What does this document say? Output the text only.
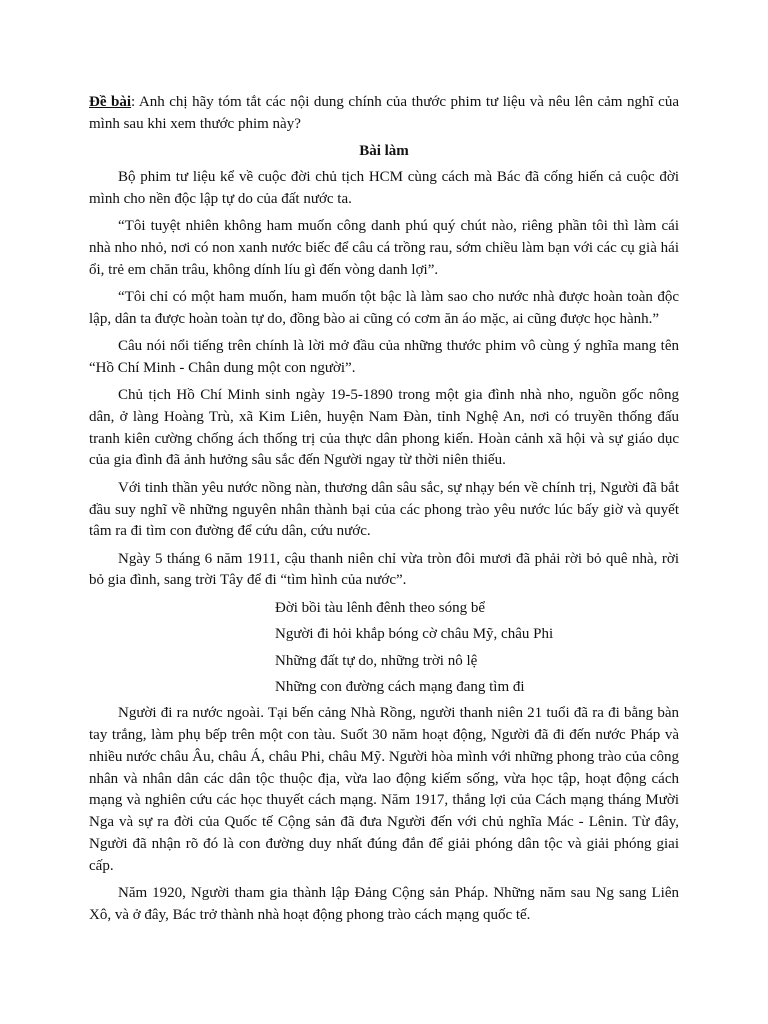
Đề bài: Anh chị hãy tóm tắt các nội dung chính của thước phim tư liệu và nêu lên cảm nghĩ của mình sau khi xem thước phim này?

Bài làm

Bộ phim tư liệu kể về cuộc đời chủ tịch HCM cùng cách mà Bác đã cống hiến cả cuộc đời mình cho nền độc lập tự do của đất nước ta.

“Tôi tuyệt nhiên không ham muốn công danh phú quý chút nào, riêng phần tôi thì làm cái nhà nho nhỏ, nơi có non xanh nước biếc để câu cá trồng rau, sớm chiều làm bạn với các cụ già hái ổi, trẻ em chăn trâu, không dính líu gì đến vòng danh lợi”.

“Tôi chỉ có một ham muốn, ham muốn tột bậc là làm sao cho nước nhà được hoàn toàn độc lập, dân ta được hoàn toàn tự do, đồng bào ai cũng có cơm ăn áo mặc, ai cũng được học hành.”

Câu nói nổi tiếng trên chính là lời mở đầu của những thước phim vô cùng ý nghĩa mang tên “Hồ Chí Minh - Chân dung một con người”.

Chủ tịch Hồ Chí Minh sinh ngày 19-5-1890 trong một gia đình nhà nho, nguồn gốc nông dân, ở làng Hoàng Trù, xã Kim Liên, huyện Nam Đàn, tỉnh Nghệ An, nơi có truyền thống đấu tranh kiên cường chống ách thống trị của thực dân phong kiến. Hoàn cảnh xã hội và sự giáo dục của gia đình đã ảnh hưởng sâu sắc đến Người ngay từ thời niên thiếu.

Với tinh thần yêu nước nồng nàn, thương dân sâu sắc, sự nhạy bén về chính trị, Người đã bắt đầu suy nghĩ về những nguyên nhân thành bại của các phong trào yêu nước lúc bấy giờ và quyết tâm ra đi tìm con đường để cứu dân, cứu nước.

Ngày 5 tháng 6 năm 1911, cậu thanh niên chỉ vừa tròn đôi mươi đã phải rời bỏ quê nhà, rời bỏ gia đình, sang trời Tây để đi “tìm hình của nước”.

Đời bồi tàu lênh đênh theo sóng bể
Người đi hỏi khắp bóng cờ châu Mỹ, châu Phi
Những đất tự do, những trời nô lệ
Những con đường cách mạng đang tìm đi

Người đi ra nước ngoài. Tại bến cảng Nhà Rồng, người thanh niên 21 tuổi đã ra đi bằng bàn tay trắng, làm phụ bếp trên một con tàu. Suốt 30 năm hoạt động, Người đã đi đến nước Pháp và nhiều nước châu Âu, châu Á, châu Phi, châu Mỹ. Người hòa mình với những phong trào của công nhân và nhân dân các dân tộc thuộc địa, vừa lao động kiếm sống, vừa học tập, hoạt động cách mạng và nghiên cứu các học thuyết cách mạng. Năm 1917, thắng lợi của Cách mạng tháng Mười Nga và sự ra đời của Quốc tế Cộng sản đã đưa Người đến với chủ nghĩa Mác - Lênin. Từ đây, Người đã nhận rõ đó là con đường duy nhất đúng đắn để giải phóng dân tộc và giải phóng giai cấp.

Năm 1920, Người tham gia thành lập Đảng Cộng sản Pháp. Những năm sau Ng sang Liên Xô, và ở đây, Bác trở thành nhà hoạt động phong trào cách mạng quốc tế.
